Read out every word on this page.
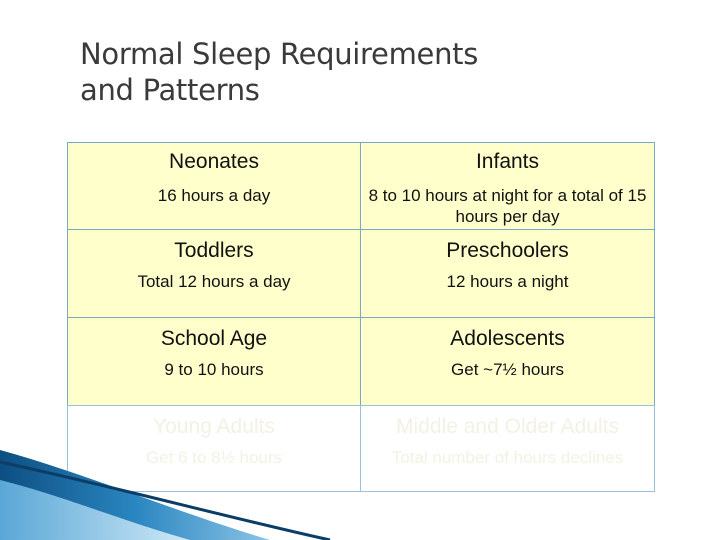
Normal Sleep Requirements
and Patterns
Neonates
16 hours a day
Infants
8 to 10 hours at night for a total of 15 hours per day
Toddlers
Total 12 hours a day
Preschoolers
12 hours a night
School Age
9 to 10 hours
Adolescents
Get ~7½ hours
Young Adults
Get 6 to 8½ hours
Middle and Older Adults
Total number of hours declines
